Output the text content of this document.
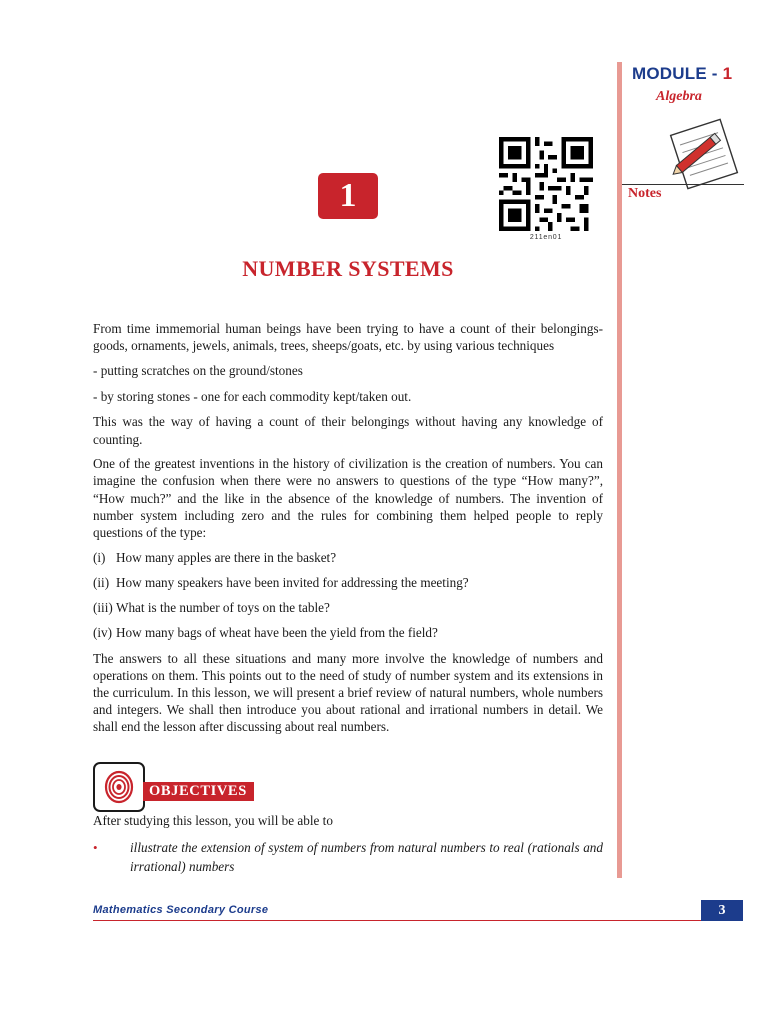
MODULE - 1
Algebra
Notes
1
211en01
NUMBER SYSTEMS

From time immemorial human beings have been trying to have a count of their belongings- goods, ornaments, jewels, animals, trees, sheeps/goats, etc. by using various techniques

- putting scratches on the ground/stones

- by storing stones - one for each commodity kept/taken out.

This was the way of having a count of their belongings without having any knowledge of counting.

One of the greatest inventions in the history of civilization is the creation of numbers. You can imagine the confusion when there were no answers to questions of the type “How many?”, “How much?” and the like in the absence of the knowledge of numbers. The invention of number system including zero and the rules for combining them helped people to reply questions of the type:

(i) How many apples are there in the basket?

(ii) How many speakers have been invited for addressing the meeting?

(iii) What is the number of toys on the table?

(iv) How many bags of wheat have been the yield from the field?

The answers to all these situations and many more involve the knowledge of numbers and operations on them. This points out to the need of study of number system and its extensions in the curriculum. In this lesson, we will present a brief review of natural numbers, whole numbers and integers. We shall then introduce you about rational and irrational numbers in detail. We shall end the lesson after discussing about real numbers.

OBJECTIVES
After studying this lesson, you will be able to
• illustrate the extension of system of numbers from natural numbers to real (rationals and irrational) numbers
Mathematics Secondary Course	3
